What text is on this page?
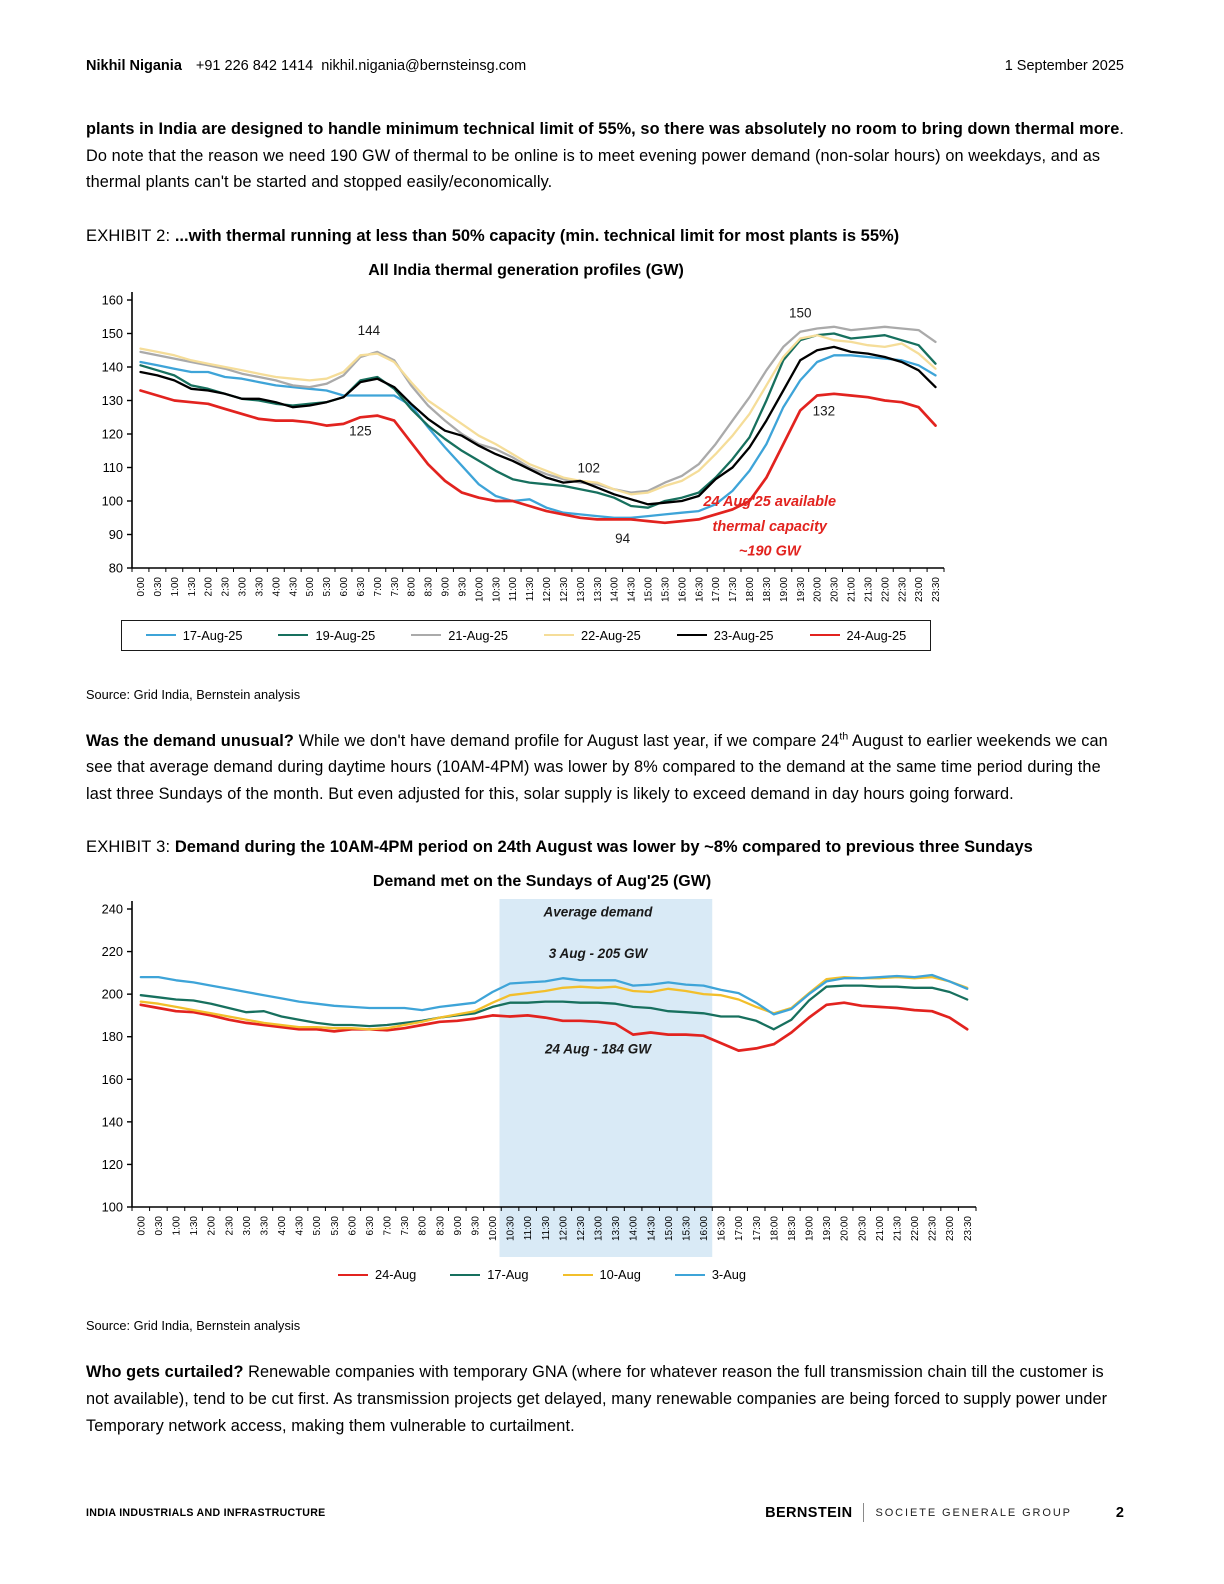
Nikhil Nigania +91 226 842 1414 nikhil.nigania@bernsteinsg.com	1 September 2025

plants in India are designed to handle minimum technical limit of 55%, so there was absolutely no room to bring down thermal more. Do note that the reason we need 190 GW of thermal to be online is to meet evening power demand (non-solar hours) on weekdays, and as thermal plants can't be started and stopped easily/economically.

EXHIBIT 2: ...with thermal running at less than 50% capacity (min. technical limit for most plants is 55%)
All India thermal generation profiles (GW)
80
90
100
110
120
130
140
150
160
0:00 0:30 1:00 1:30 2:00 2:30 3:00 3:30 4:00 4:30 5:00 5:30 6:00 6:30 7:00 7:30 8:00 8:30 9:00 9:30 10:00 10:30 11:00 11:30 12:00 12:30 13:00 13:30 14:00 14:30 15:00 15:30 16:00 16:30 17:00 17:30 18:00 18:30 19:00 19:30 20:00 20:30 21:00 21:30 22:00 22:30 23:00 23:30
144
125
102
94
150
132
24 Aug'25 available
thermal capacity
~190 GW
17-Aug-25	19-Aug-25	21-Aug-25	22-Aug-25	23-Aug-25	24-Aug-25

Source: Grid India, Bernstein analysis

Was the demand unusual? While we don't have demand profile for August last year, if we compare 24th August to earlier weekends we can see that average demand during daytime hours (10AM-4PM) was lower by 8% compared to the demand at the same time period during the last three Sundays of the month. But even adjusted for this, solar supply is likely to exceed demand in day hours going forward.

EXHIBIT 3: Demand during the 10AM-4PM period on 24th August was lower by ~8% compared to previous three Sundays
Demand met on the Sundays of Aug'25 (GW)
100
120
140
160
180
200
220
240
0:00 0:30 1:00 1:30 2:00 2:30 3:00 3:30 4:00 4:30 5:00 5:30 6:00 6:30 7:00 7:30 8:00 8:30 9:00 9:30 10:00 10:30 11:00 11:30 12:00 12:30 13:00 13:30 14:00 14:30 15:00 15:30 16:00 16:30 17:00 17:30 18:00 18:30 19:00 19:30 20:00 20:30 21:00 21:30 22:00 22:30 23:00 23:30
Average demand
3 Aug - 205 GW
24 Aug - 184 GW
24-Aug	17-Aug	10-Aug	3-Aug

Source: Grid India, Bernstein analysis

Who gets curtailed? Renewable companies with temporary GNA (where for whatever reason the full transmission chain till the customer is not available), tend to be cut first. As transmission projects get delayed, many renewable companies are being forced to supply power under Temporary network access, making them vulnerable to curtailment.

INDIA INDUSTRIALS AND INFRASTRUCTURE	BERNSTEIN SOCIETE GENERALE GROUP	2
